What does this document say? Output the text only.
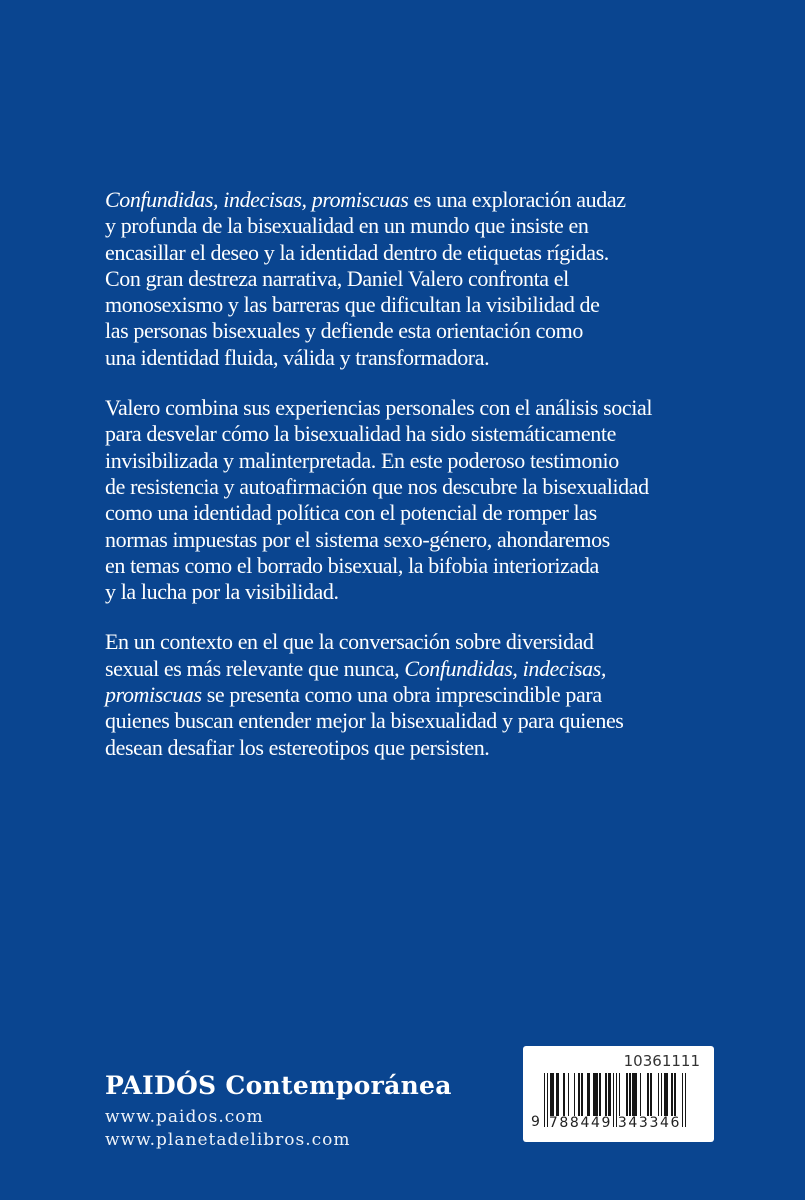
Confundidas, indecisas, promiscuas es una exploración audaz
y profunda de la bisexualidad en un mundo que insiste en
encasillar el deseo y la identidad dentro de etiquetas rígidas.
Con gran destreza narrativa, Daniel Valero confronta el
monosexismo y las barreras que dificultan la visibilidad de
las personas bisexuales y defiende esta orientación como
una identidad fluida, válida y transformadora.
Valero combina sus experiencias personales con el análisis social
para desvelar cómo la bisexualidad ha sido sistemáticamente
invisibilizada y malinterpretada. En este poderoso testimonio
de resistencia y autoafirmación que nos descubre la bisexualidad
como una identidad política con el potencial de romper las
normas impuestas por el sistema sexo-género, ahondaremos
en temas como el borrado bisexual, la bifobia interiorizada
y la lucha por la visibilidad.
En un contexto en el que la conversación sobre diversidad
sexual es más relevante que nunca, Confundidas, indecisas,
promiscuas se presenta como una obra imprescindible para
quienes buscan entender mejor la bisexualidad y para quienes
desean desafiar los estereotipos que persisten.
PAIDÓS Contemporánea
www.paidos.com
www.planetadelibros.com
10361111
9 788449 343346
